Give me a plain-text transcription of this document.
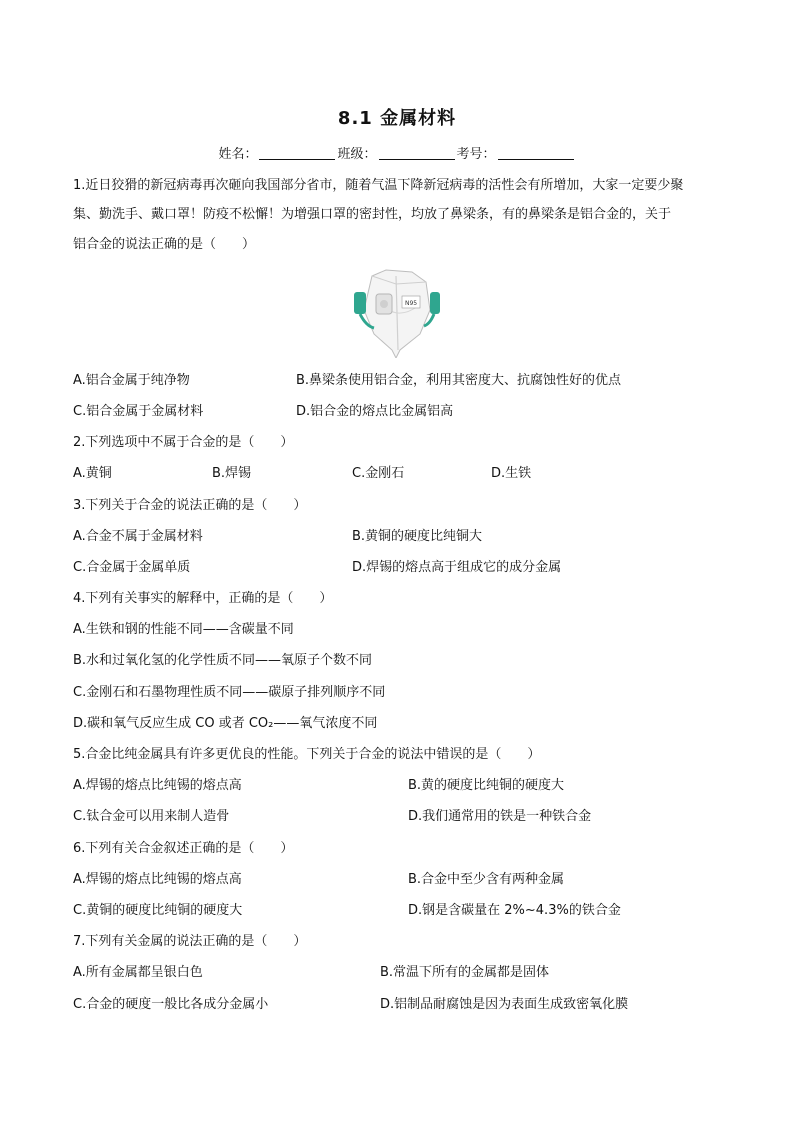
8.1 金属材料
姓名：	班级：	考号：
1.近日狡猾的新冠病毒再次砸向我国部分省市，随着气温下降新冠病毒的活性会有所增加，大家一定要少聚
集、勤洗手、戴口罩！防疫不松懈！为增强口罩的密封性，均放了鼻梁条，有的鼻梁条是铝合金的，关于
铝合金的说法正确的是（　　）
N95
A.铝合金属于纯净物	B.鼻梁条使用铝合金，利用其密度大、抗腐蚀性好的优点
C.铝合金属于金属材料	D.铝合金的熔点比金属铝高
2.下列选项中不属于合金的是（　　）
A.黄铜	B.焊锡	C.金刚石	D.生铁
3.下列关于合金的说法正确的是（　　）
A.合金不属于金属材料	B.黄铜的硬度比纯铜大
C.合金属于金属单质	D.焊锡的熔点高于组成它的成分金属
4.下列有关事实的解释中，正确的是（　　）
A.生铁和钢的性能不同——含碳量不同
B.水和过氧化氢的化学性质不同——氧原子个数不同
C.金刚石和石墨物理性质不同——碳原子排列顺序不同
D.碳和氧气反应生成 CO 或者 CO₂——氧气浓度不同
5.合金比纯金属具有许多更优良的性能。下列关于合金的说法中错误的是（　　）
A.焊锡的熔点比纯锡的熔点高	B.黄的硬度比纯铜的硬度大
C.钛合金可以用来制人造骨	D.我们通常用的铁是一种铁合金
6.下列有关合金叙述正确的是（　　）
A.焊锡的熔点比纯锡的熔点高	B.合金中至少含有两种金属
C.黄铜的硬度比纯铜的硬度大	D.钢是含碳量在 2%~4.3%的铁合金
7.下列有关金属的说法正确的是（　　）
A.所有金属都呈银白色	B.常温下所有的金属都是固体
C.合金的硬度一般比各成分金属小	D.铝制品耐腐蚀是因为表面生成致密氧化膜
